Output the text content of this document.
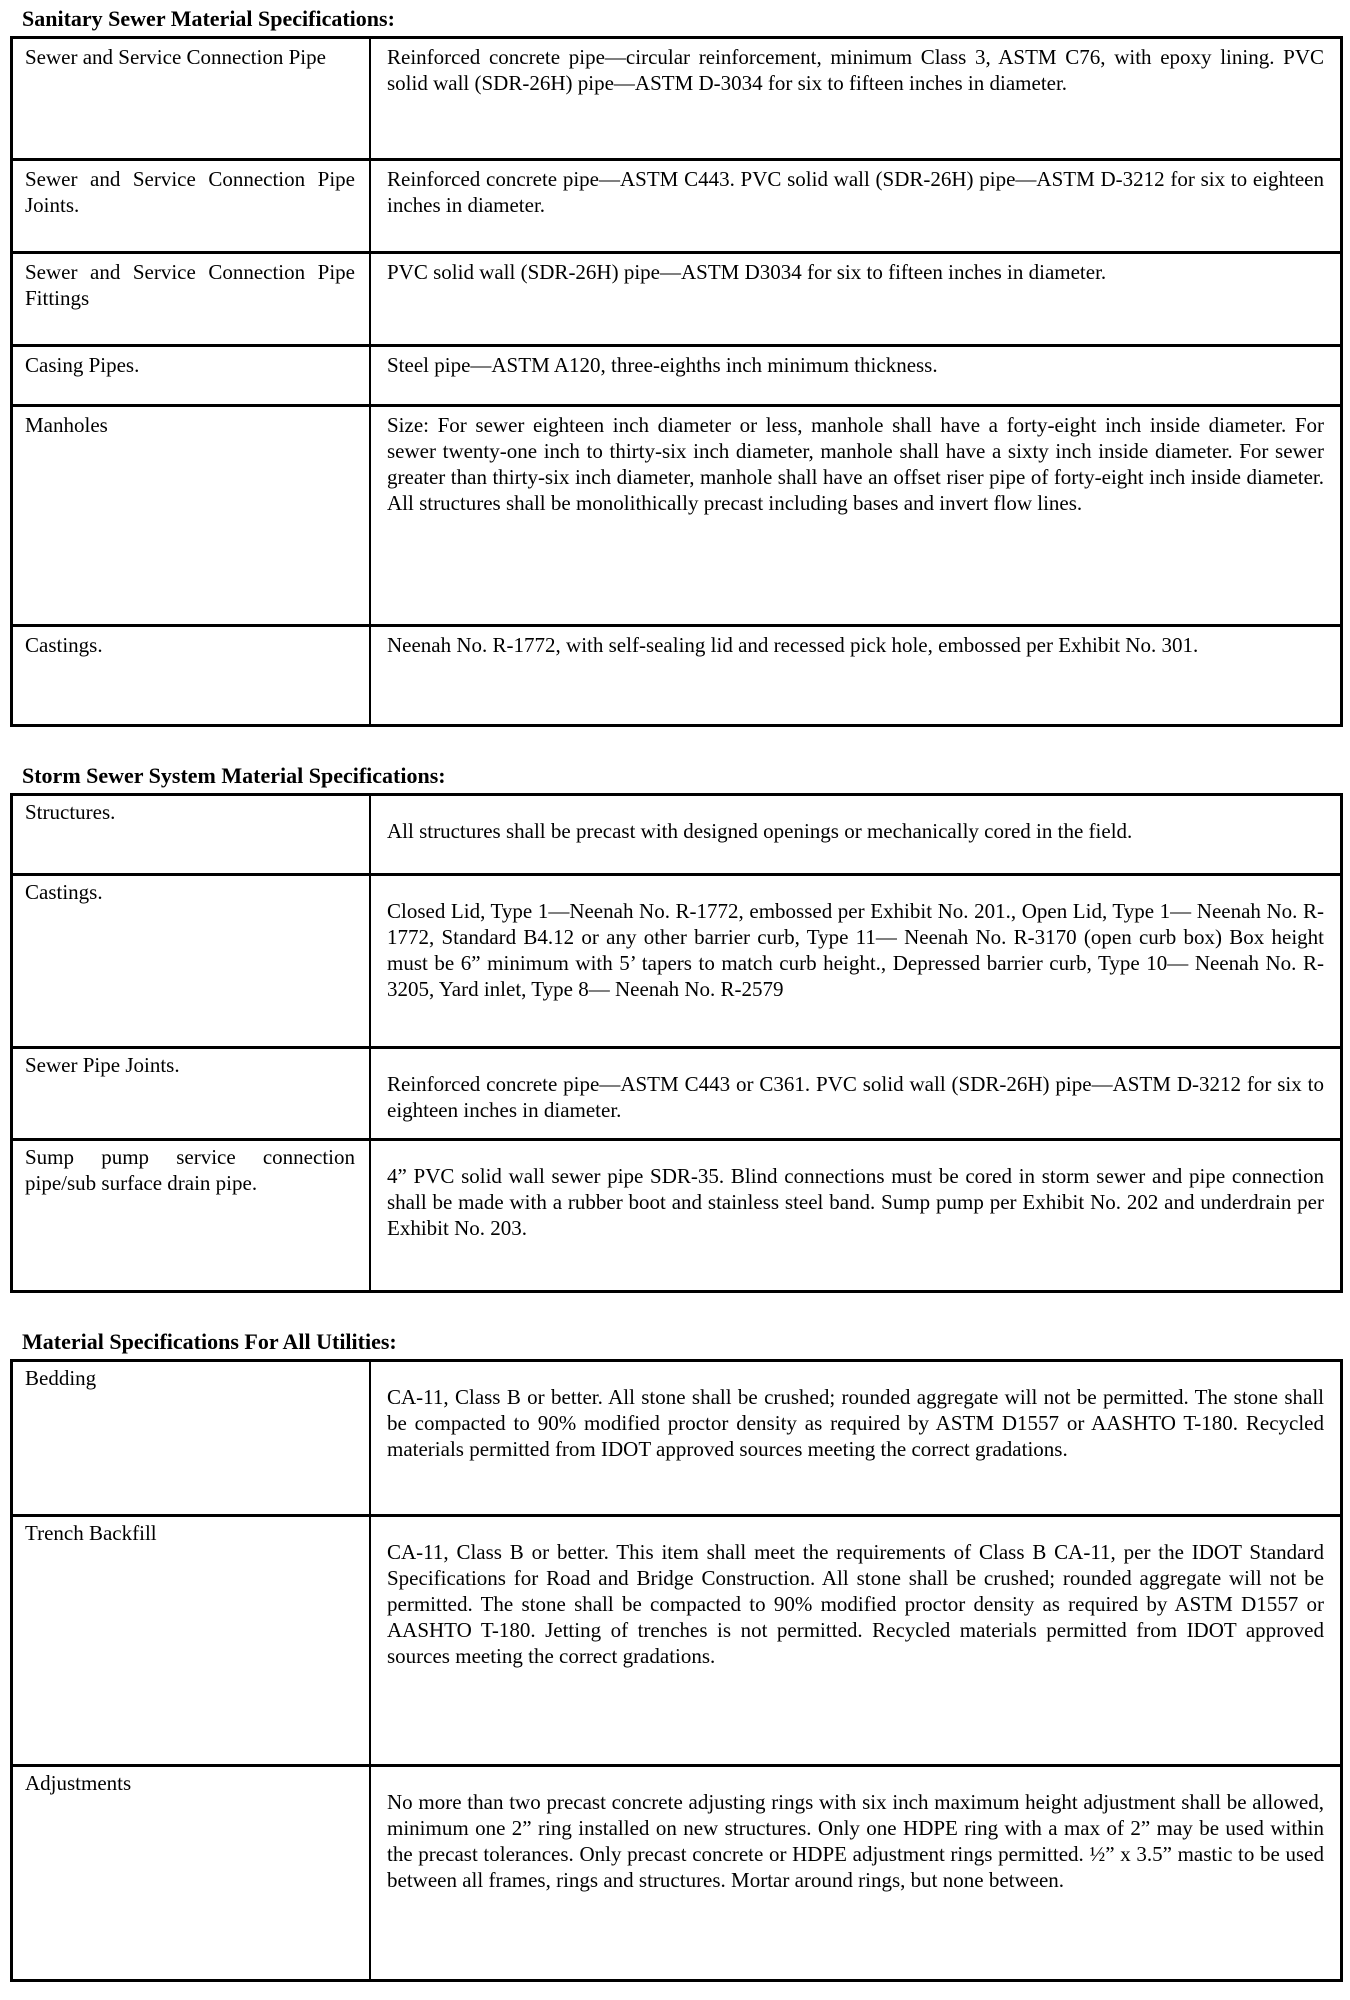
Sanitary Sewer Material Specifications:
Sewer and Service Connection Pipe	Reinforced concrete pipe—circular reinforcement, minimum Class 3, ASTM C76, with epoxy lining. PVC solid wall (SDR-26H) pipe—ASTM D-3034 for six to fifteen inches in diameter.
Sewer and Service Connection Pipe Joints.	Reinforced concrete pipe—ASTM C443. PVC solid wall (SDR-26H) pipe—ASTM D-3212 for six to eighteen inches in diameter.
Sewer and Service Connection Pipe Fittings	PVC solid wall (SDR-26H) pipe—ASTM D3034 for six to fifteen inches in diameter.
Casing Pipes.	Steel pipe—ASTM A120, three-eighths inch minimum thickness.
Manholes	Size: For sewer eighteen inch diameter or less, manhole shall have a forty-eight inch inside diameter. For sewer twenty-one inch to thirty-six inch diameter, manhole shall have a sixty inch inside diameter. For sewer greater than thirty-six inch diameter, manhole shall have an offset riser pipe of forty-eight inch inside diameter. All structures shall be monolithically precast including bases and invert flow lines.
Castings.	Neenah No. R-1772, with self-sealing lid and recessed pick hole, embossed per Exhibit No. 301.
Storm Sewer System Material Specifications:
Structures.	All structures shall be precast with designed openings or mechanically cored in the field.
Castings.	Closed Lid, Type 1—Neenah No. R-1772, embossed per Exhibit No. 201., Open Lid, Type 1— Neenah No. R-1772, Standard B4.12 or any other barrier curb, Type 11— Neenah No. R-3170 (open curb box) Box height must be 6” minimum with 5’ tapers to match curb height., Depressed barrier curb, Type 10— Neenah No. R-3205, Yard inlet, Type 8— Neenah No. R-2579
Sewer Pipe Joints.	Reinforced concrete pipe—ASTM C443 or C361. PVC solid wall (SDR-26H) pipe—ASTM D-3212 for six to eighteen inches in diameter.
Sump pump service connection pipe/sub surface drain pipe.	4” PVC solid wall sewer pipe SDR-35. Blind connections must be cored in storm sewer and pipe connection shall be made with a rubber boot and stainless steel band. Sump pump per Exhibit No. 202 and underdrain per Exhibit No. 203.
Material Specifications For All Utilities:
Bedding	CA-11, Class B or better. All stone shall be crushed; rounded aggregate will not be permitted. The stone shall be compacted to 90% modified proctor density as required by ASTM D1557 or AASHTO T-180. Recycled materials permitted from IDOT approved sources meeting the correct gradations.
Trench Backfill	CA-11, Class B or better. This item shall meet the requirements of Class B CA-11, per the IDOT Standard Specifications for Road and Bridge Construction. All stone shall be crushed; rounded aggregate will not be permitted. The stone shall be compacted to 90% modified proctor density as required by ASTM D1557 or AASHTO T-180. Jetting of trenches is not permitted. Recycled materials permitted from IDOT approved sources meeting the correct gradations.
Adjustments	No more than two precast concrete adjusting rings with six inch maximum height adjustment shall be allowed, minimum one 2” ring installed on new structures. Only one HDPE ring with a max of 2” may be used within the precast tolerances. Only precast concrete or HDPE adjustment rings permitted. ½” x 3.5” mastic to be used between all frames, rings and structures. Mortar around rings, but none between.
